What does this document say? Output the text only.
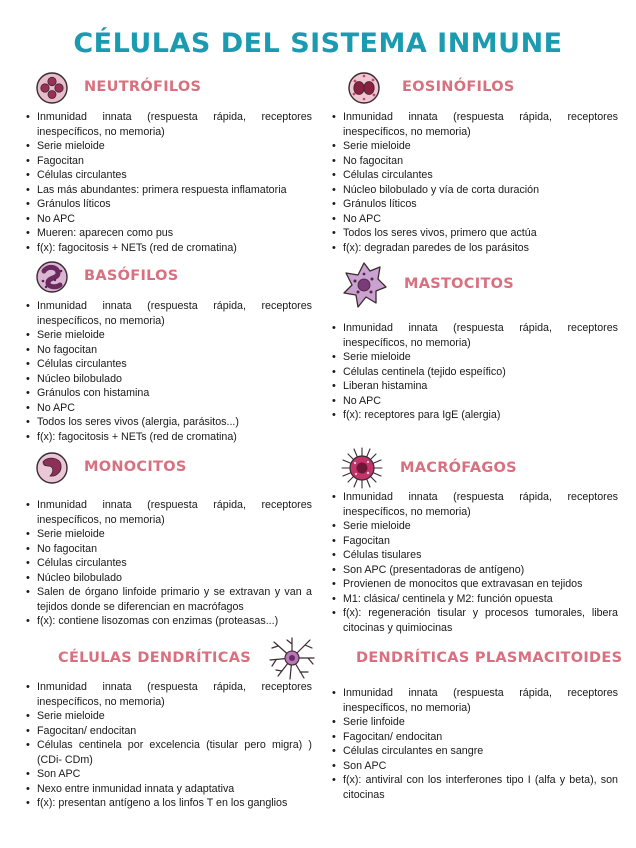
CÉLULAS DEL SISTEMA INMUNE
NEUTRÓFILOS
• Inmunidad innata (respuesta rápida, receptores inespecíficos, no memoria)
• Serie mieloide
• Fagocitan
• Células circulantes
• Las más abundantes: primera respuesta inflamatoria
• Gránulos líticos
• No APC
• Mueren: aparecen como pus
• f(x): fagocitosis + NETs (red de cromatina)
EOSINÓFILOS
• Inmunidad innata (respuesta rápida, receptores inespecíficos, no memoria)
• Serie mieloide
• No fagocitan
• Células circulantes
• Núcleo bilobulado y vía de corta duración
• Gránulos líticos
• No APC
• Todos los seres vivos, primero que actúa
• f(x): degradan paredes de los parásitos
BASÓFILOS
• Inmunidad innata (respuesta rápida, receptores inespecíficos, no memoria)
• Serie mieloide
• No fagocitan
• Células circulantes
• Núcleo bilobulado
• Gránulos con histamina
• No APC
• Todos los seres vivos (alergia, parásitos...)
• f(x): fagocitosis + NETs (red de cromatina)
MASTOCITOS
• Inmunidad innata (respuesta rápida, receptores inespecíficos, no memoria)
• Serie mieloide
• Células centinela (tejido espeífico)
• Liberan histamina
• No APC
• f(x): receptores para IgE (alergia)
MONOCITOS
• Inmunidad innata (respuesta rápida, receptores inespecíficos, no memoria)
• Serie mieloide
• No fagocitan
• Células circulantes
• Núcleo bilobulado
• Salen de órgano linfoide primario y se extravan y van a tejidos donde se diferencian en macrófagos
• f(x): contiene lisozomas con enzimas (proteasas...)
MACRÓFAGOS
• Inmunidad innata (respuesta rápida, receptores inespecíficos, no memoria)
• Serie mieloide
• Fagocitan
• Células tisulares
• Son APC (presentadoras de antígeno)
• Provienen de monocitos que extravasan en tejidos
• M1: clásica/ centinela y M2: función opuesta
• f(x): regeneración tisular y procesos tumorales, libera citocinas y quimiocinas
CÉLULAS DENDRÍTICAS
• Inmunidad innata (respuesta rápida, receptores inespecíficos, no memoria)
• Serie mieloide
• Fagocitan/ endocitan
• Células centinela por excelencia (tisular pero migra) ) (CDi- CDm)
• Son APC
• Nexo entre inmunidad innata y adaptativa
• f(x): presentan antígeno a los linfos T en los ganglios
DENDRÍTICAS PLASMACITOIDES
• Inmunidad innata (respuesta rápida, receptores inespecíficos, no memoria)
• Serie linfoide
• Fagocitan/ endocitan
• Células circulantes en sangre
• Son APC
• f(x): antiviral con los interferones tipo I (alfa y beta), son citocinas
